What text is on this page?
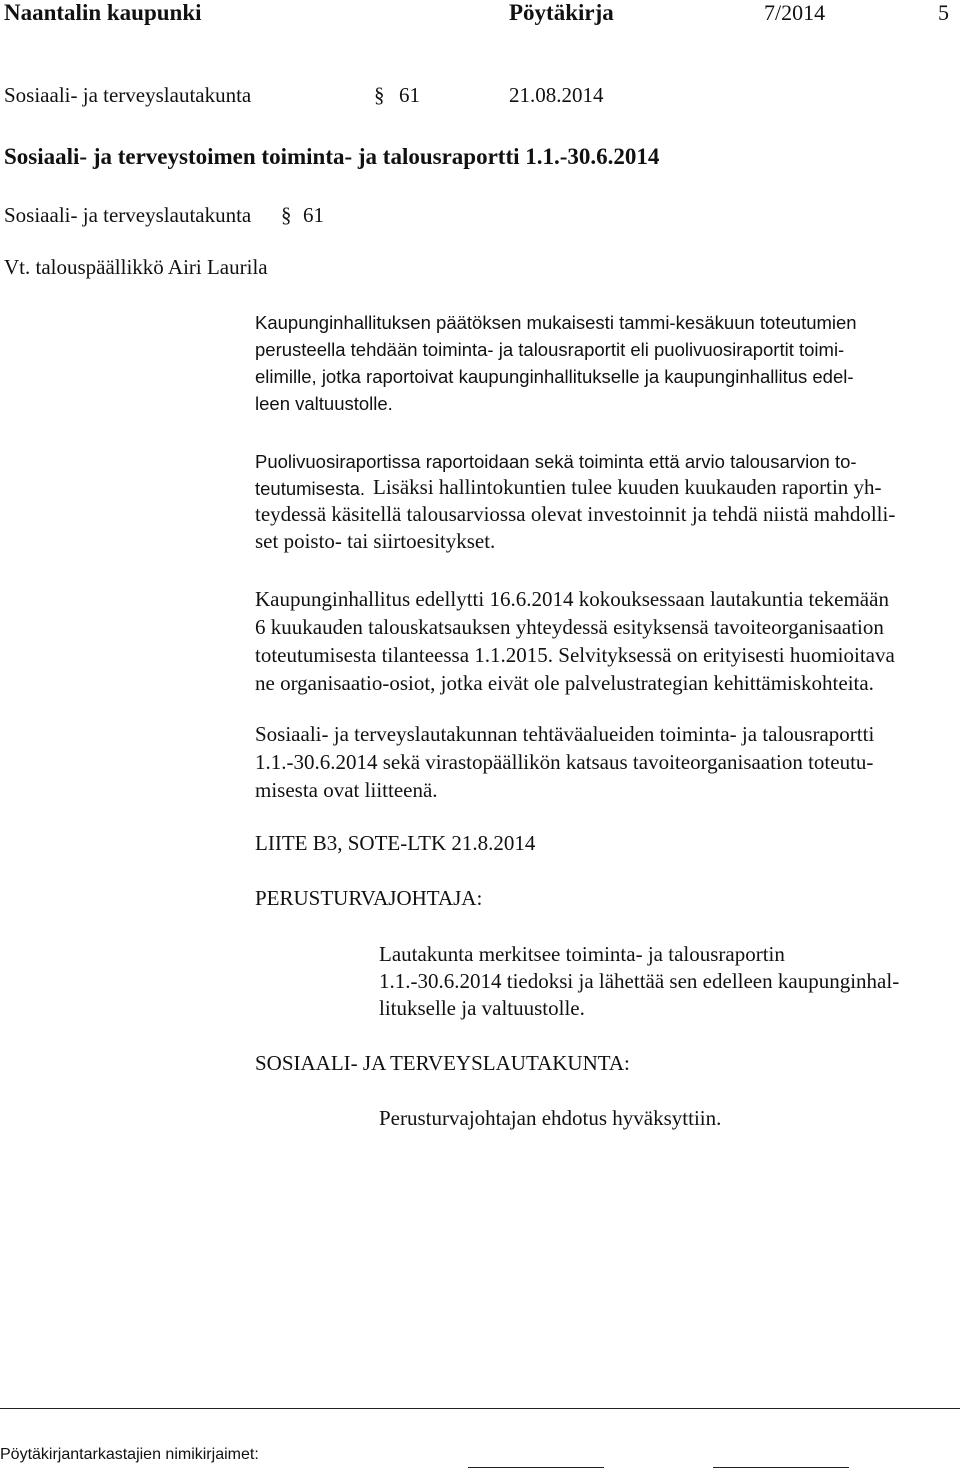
Naantalin kaupunki	Pöytäkirja	7/2014	5
Sosiaali- ja terveyslautakunta	§ 61	21.08.2014
Sosiaali- ja terveystoimen toiminta- ja talousraportti 1.1.-30.6.2014
Sosiaali- ja terveyslautakunta § 61
Vt. talouspäällikkö Airi Laurila
Kaupunginhallituksen päätöksen mukaisesti tammi-kesäkuun toteutumien
perusteella tehdään toiminta- ja talousraportit eli puolivuosiraportit toimi-
elimille, jotka raportoivat kaupunginhallitukselle ja kaupunginhallitus edel-
leen valtuustolle.
Puolivuosiraportissa raportoidaan sekä toiminta että arvio talousarvion to-
teutumisesta. Lisäksi hallintokuntien tulee kuuden kuukauden raportin yh-
teydessä käsitellä talousarviossa olevat investoinnit ja tehdä niistä mahdolli-
set poisto- tai siirtoesitykset.
Kaupunginhallitus edellytti 16.6.2014 kokouksessaan lautakuntia tekemään
6 kuukauden talouskatsauksen yhteydessä esityksensä tavoiteorganisaation
toteutumisesta tilanteessa 1.1.2015. Selvityksessä on erityisesti huomioitava
ne organisaatio-osiot, jotka eivät ole palvelustrategian kehittämiskohteita.
Sosiaali- ja terveyslautakunnan tehtäväalueiden toiminta- ja talousraportti
1.1.-30.6.2014 sekä virastopäällikön katsaus tavoiteorganisaation toteutu-
misesta ovat liitteenä.
LIITE B3, SOTE-LTK 21.8.2014
PERUSTURVAJOHTAJA:
Lautakunta merkitsee toiminta- ja talousraportin
1.1.-30.6.2014 tiedoksi ja lähettää sen edelleen kaupunginhal-
litukselle ja valtuustolle.
SOSIAALI- JA TERVEYSLAUTAKUNTA:
Perusturvajohtajan ehdotus hyväksyttiin.
Pöytäkirjantarkastajien nimikirjaimet:
